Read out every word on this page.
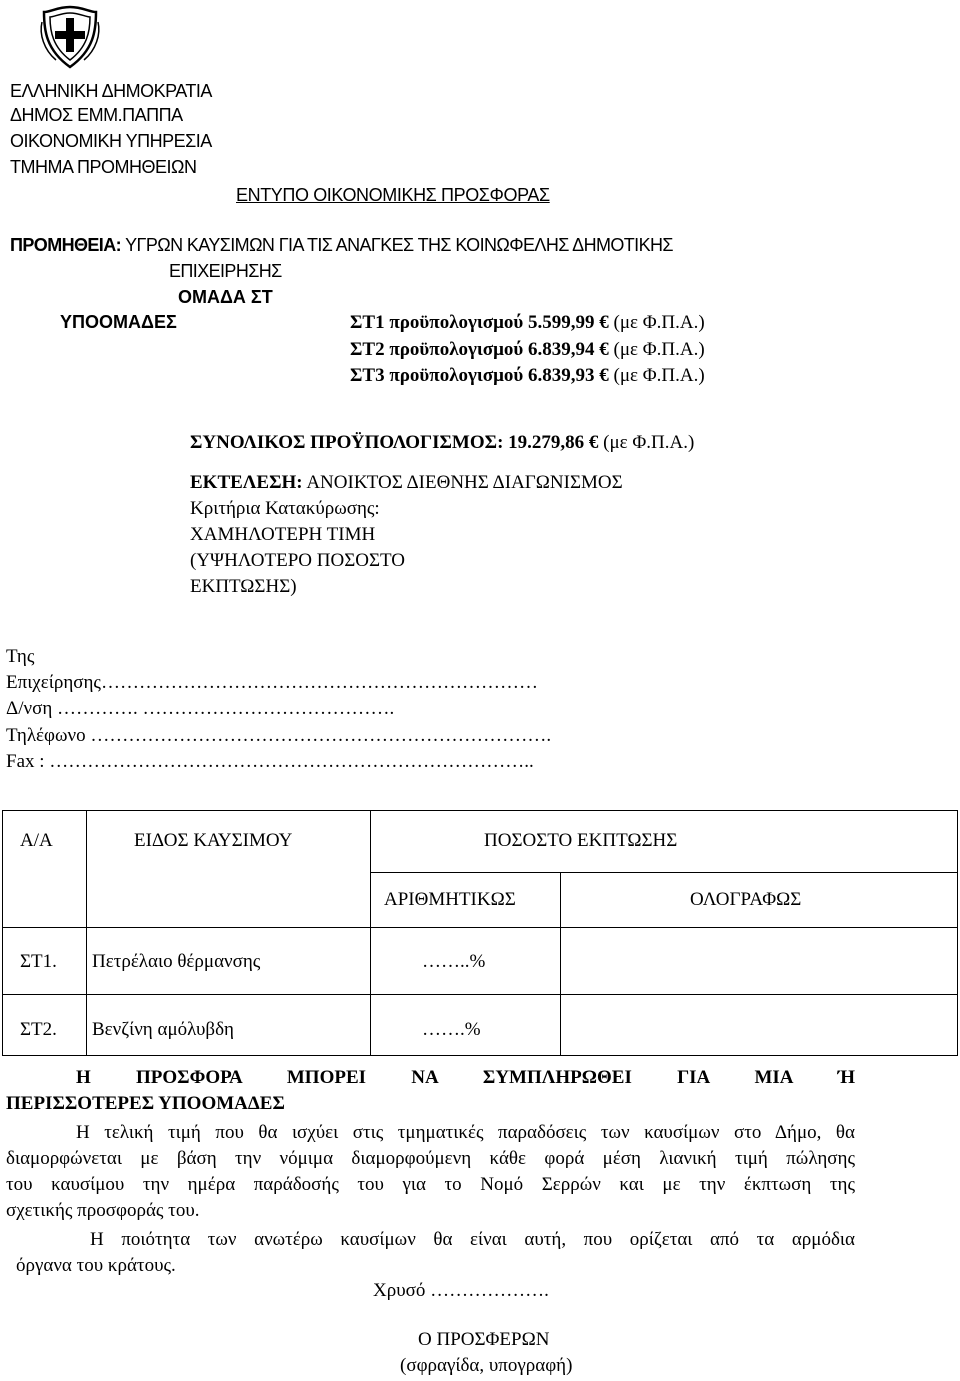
ΕΛΛΗΝΙΚΗ ΔΗΜΟΚΡΑΤΙΑ
ΔΗΜΟΣ ΕΜΜ.ΠΑΠΠΑ
ΟΙΚΟΝΟΜΙΚΗ ΥΠΗΡΕΣΙΑ
ΤΜΗΜΑ ΠΡΟΜΗΘΕΙΩΝ
ΕΝΤΥΠΟ ΟΙΚΟΝΟΜΙΚΗΣ ΠΡΟΣΦΟΡΑΣ
ΠΡΟΜΗΘΕΙΑ: ΥΓΡΩΝ ΚΑΥΣΙΜΩΝ ΓΙΑ ΤΙΣ ΑΝΑΓΚΕΣ ΤΗΣ ΚΟΙΝΩΦΕΛΗΣ ΔΗΜΟΤΙΚΗΣ
ΕΠΙΧΕΙΡΗΣΗΣ
ΟΜΑΔΑ ΣΤ
ΥΠΟΟΜΑΔΕΣ	ΣΤ1 προϋπολογισμού 5.599,99 € (με Φ.Π.Α.)
ΣΤ2 προϋπολογισμού 6.839,94 € (με Φ.Π.Α.)
ΣΤ3 προϋπολογισμού 6.839,93 € (με Φ.Π.Α.)
ΣΥΝΟΛΙΚΟΣ ΠΡΟΫΠΟΛΟΓΙΣΜΟΣ: 19.279,86 € (με Φ.Π.Α.)
ΕΚΤΕΛΕΣΗ: ΑΝΟΙΚΤΟΣ ΔΙΕΘΝΗΣ ΔΙΑΓΩΝΙΣΜΟΣ
Κριτήρια Κατακύρωσης:
ΧΑΜΗΛΟΤΕΡΗ ΤΙΜΗ
(ΥΨΗΛΟΤΕΡΟ ΠΟΣΟΣΤΟ
ΕΚΠΤΩΣΗΣ)
Της
Επιχείρησης……………………………………………………………
Δ/νση …………. ………………………………….
Τηλέφωνο ……………………………………………………………….
Fax : …………………………………………………………………..
Α/Α	ΕΙΔΟΣ ΚΑΥΣΙΜΟΥ	ΠΟΣΟΣΤΟ ΕΚΠΤΩΣΗΣ
ΑΡΙΘΜΗΤΙΚΩΣ	ΟΛΟΓΡΑΦΩΣ
ΣΤ1. Πετρέλαιο θέρμανσης	……..%
ΣΤ2. Βενζίνη αμόλυβδη	…….%
Η ΠΡΟΣΦΟΡΑ ΜΠΟΡΕΙ ΝΑ ΣΥΜΠΛΗΡΩΘΕΙ ΓΙΑ ΜΙΑ Ή
ΠΕΡΙΣΣΟΤΕΡΕΣ ΥΠΟΟΜΑΔΕΣ
Η τελική τιμή που θα ισχύει στις τμηματικές παραδόσεις των καυσίμων στο Δήμο, θα
διαμορφώνεται με βάση την νόμιμα διαμορφούμενη κάθε φορά μέση λιανική τιμή πώλησης
του καυσίμου την ημέρα παράδοσής του για το Νομό Σερρών και με την έκπτωση της
σχετικής προσφοράς του.
Η ποιότητα των ανωτέρω καυσίμων θα είναι αυτή, που ορίζεται από τα αρμόδια
όργανα του κράτους.
Χρυσό ……………….
Ο ΠΡΟΣΦΕΡΩΝ
(σφραγίδα, υπογραφή)
